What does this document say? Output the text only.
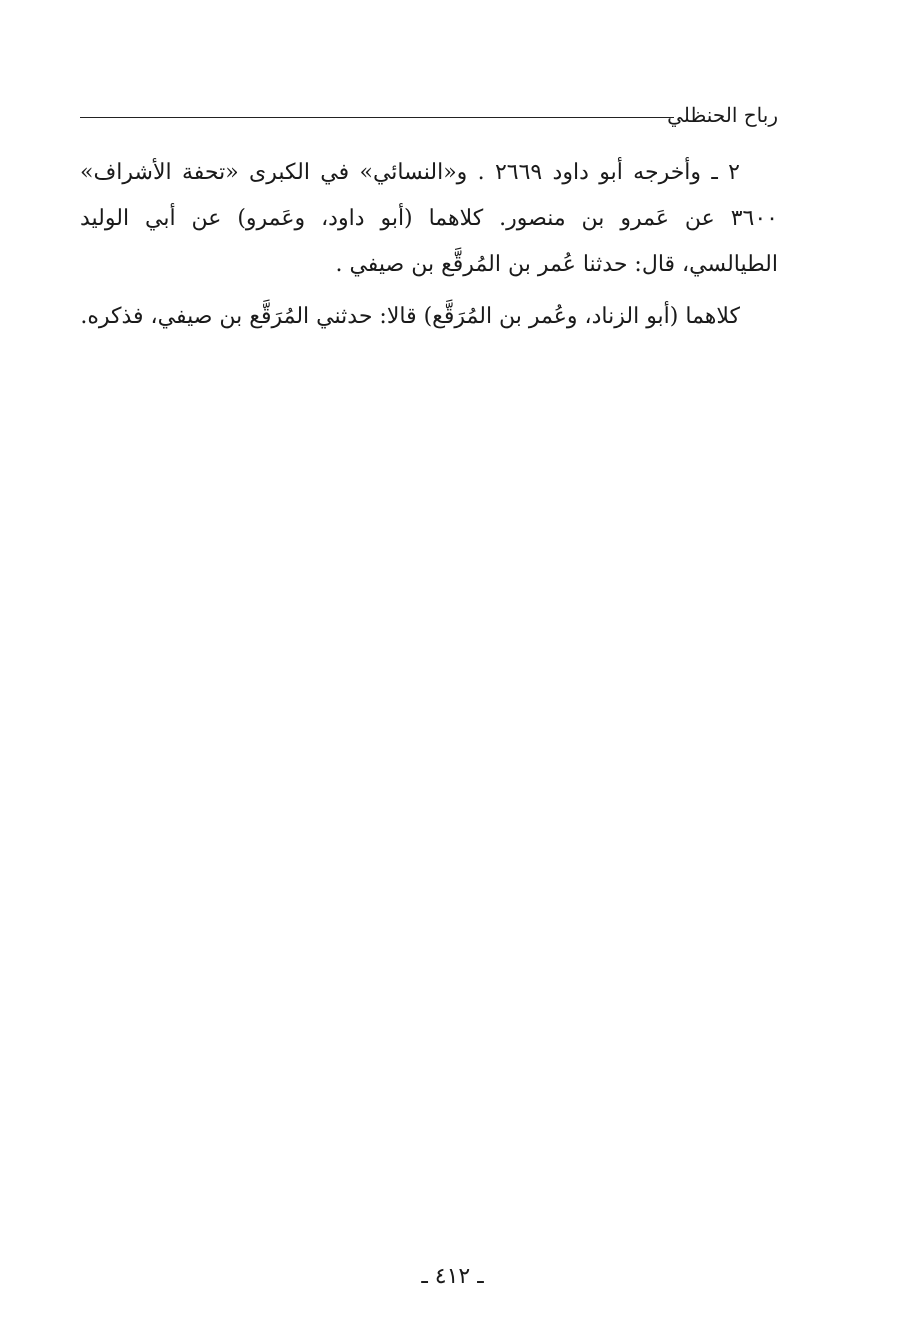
رباح الحنظلي

٢ ـ وأخرجه أبو داود ٢٦٦٩ . و«النسائي» في الكبرى «تحفة الأشراف» ٣٦٠٠ عن عَمرو بن منصور. كلاهما (أبو داود، وعَمرو) عن أبي الوليد الطيالسي، قال: حدثنا عُمر بن المُرقَّع بن صيفي .

كلاهما (أبو الزناد، وعُمر بن المُرَقَّع) قالا: حدثني المُرَقَّع بن صيفي، فذكره.

ـ ٤١٢ ـ
